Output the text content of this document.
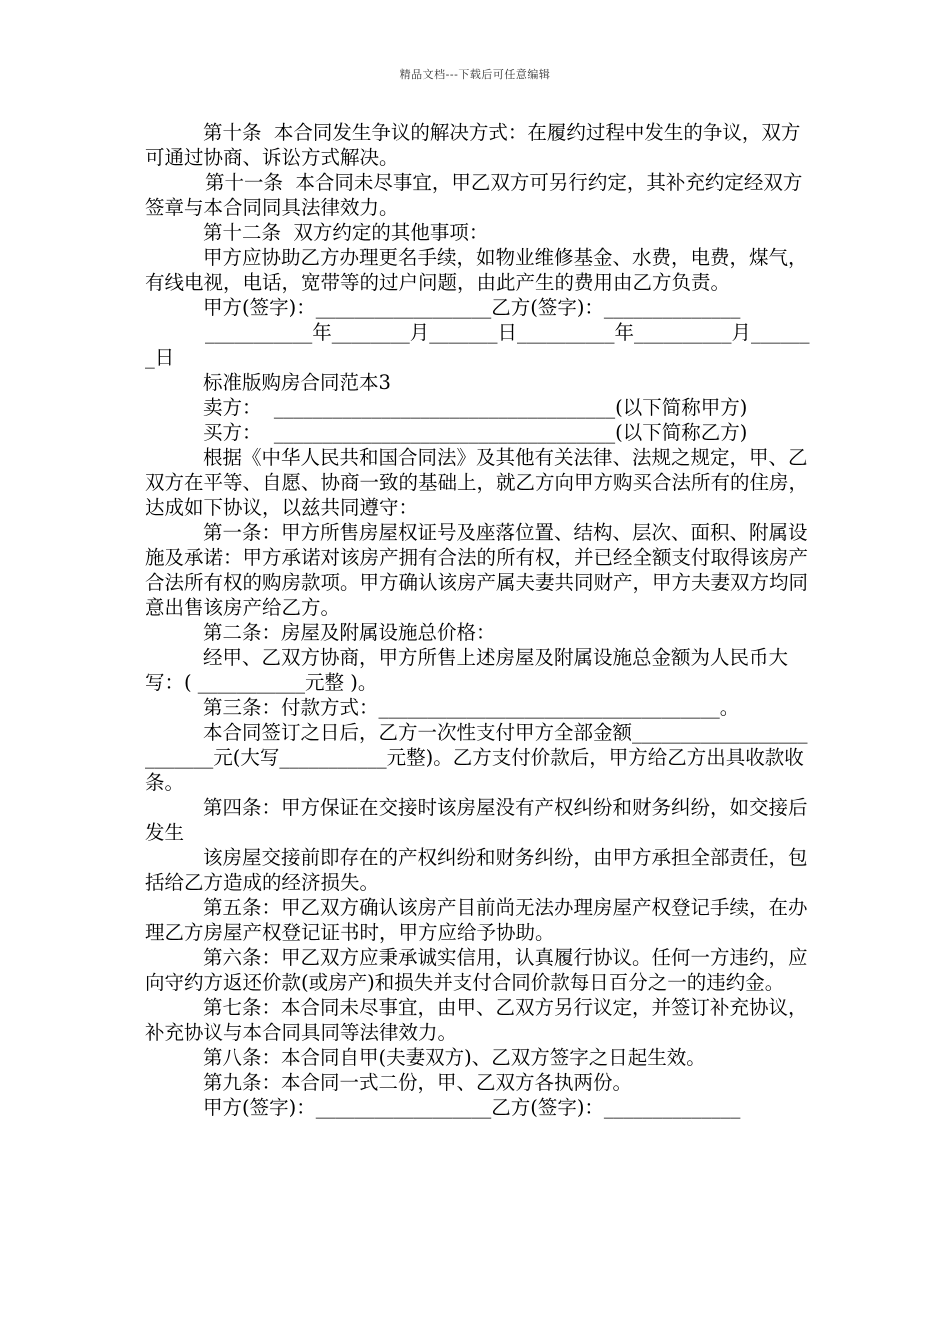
精品文档---下载后可任意编辑

第十条  本合同发生争议的解决方式：在履约过程中发生的争议，双方可通过协商、诉讼方式解决。

第十一条  本合同未尽事宜，甲乙双方可另行约定，其补充约定经双方签章与本合同同具法律效力。

第十二条  双方约定的其他事项：

甲方应协助乙方办理更名手续，如物业维修基金、水费，电费，煤气，有线电视，电话，宽带等的过户问题，由此产生的费用由乙方负责。

甲方(签字)：__________________乙方(签字)：______________

___________年________月_______日__________年__________月_______日

标准版购房合同范本3

卖方：  ___________________________________(以下简称甲方)

买方：  ___________________________________(以下简称乙方)

根据《中华人民共和国合同法》及其他有关法律、法规之规定，甲、乙双方在平等、自愿、协商一致的基础上，就乙方向甲方购买合法所有的住房，达成如下协议，以兹共同遵守：

第一条：甲方所售房屋权证号及座落位置、结构、层次、面积、附属设施及承诺：甲方承诺对该房产拥有合法的所有权，并已经全额支付取得该房产合法所有权的购房款项。甲方确认该房产属夫妻共同财产，甲方夫妻双方均同意出售该房产给乙方。

第二条：房屋及附属设施总价格：

经甲、乙双方协商，甲方所售上述房屋及附属设施总金额为人民币大写：( ___________元整 )。

第三条：付款方式：___________________________________。

本合同签订之日后，乙方一次性支付甲方全部金额_________________________元(大写___________元整)。乙方支付价款后，甲方给乙方出具收款收条。

第四条：甲方保证在交接时该房屋没有产权纠纷和财务纠纷，如交接后发生

该房屋交接前即存在的产权纠纷和财务纠纷，由甲方承担全部责任，包括给乙方造成的经济损失。

第五条：甲乙双方确认该房产目前尚无法办理房屋产权登记手续，在办理乙方房屋产权登记证书时，甲方应给予协助。

第六条：甲乙双方应秉承诚实信用，认真履行协议。任何一方违约，应向守约方返还价款(或房产)和损失并支付合同价款每日百分之一的违约金。

第七条：本合同未尽事宜，由甲、乙双方另行议定，并签订补充协议，补充协议与本合同具同等法律效力。

第八条：本合同自甲(夫妻双方)、乙双方签字之日起生效。

第九条：本合同一式二份，甲、乙双方各执两份。

甲方(签字)：__________________乙方(签字)：______________
